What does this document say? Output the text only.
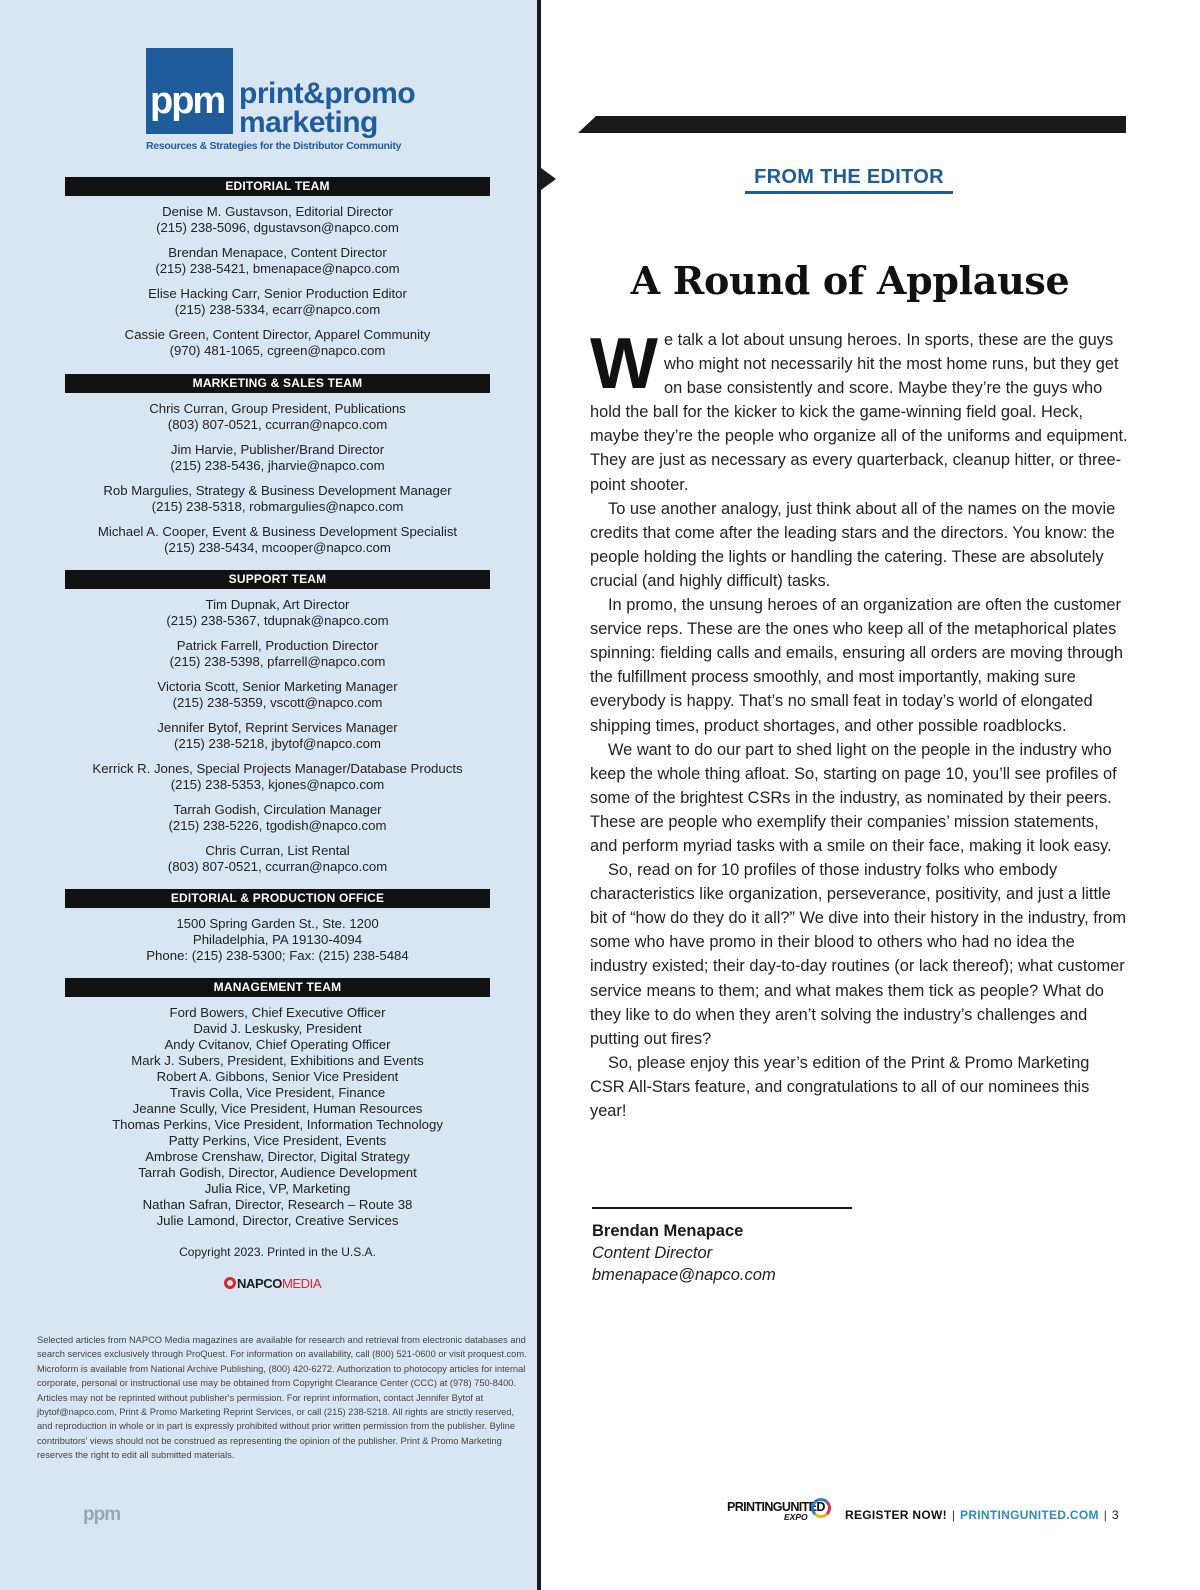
ppm print&promo
marketing
Resources & Strategies for the Distributor Community
EDITORIAL TEAM
Denise M. Gustavson, Editorial Director
(215) 238-5096, dgustavson@napco.com
Brendan Menapace, Content Director
(215) 238-5421, bmenapace@napco.com
Elise Hacking Carr, Senior Production Editor
(215) 238-5334, ecarr@napco.com
Cassie Green, Content Director, Apparel Community
(970) 481-1065, cgreen@napco.com
MARKETING & SALES TEAM
Chris Curran, Group President, Publications
(803) 807-0521, ccurran@napco.com
Jim Harvie, Publisher/Brand Director
(215) 238-5436, jharvie@napco.com
Rob Margulies, Strategy & Business Development Manager
(215) 238-5318, robmargulies@napco.com
Michael A. Cooper, Event & Business Development Specialist
(215) 238-5434, mcooper@napco.com
SUPPORT TEAM
Tim Dupnak, Art Director
(215) 238-5367, tdupnak@napco.com
Patrick Farrell, Production Director
(215) 238-5398, pfarrell@napco.com
Victoria Scott, Senior Marketing Manager
(215) 238-5359, vscott@napco.com
Jennifer Bytof, Reprint Services Manager
(215) 238-5218, jbytof@napco.com
Kerrick R. Jones, Special Projects Manager/Database Products
(215) 238-5353, kjones@napco.com
Tarrah Godish, Circulation Manager
(215) 238-5226, tgodish@napco.com
Chris Curran, List Rental
(803) 807-0521, ccurran@napco.com
EDITORIAL & PRODUCTION OFFICE
1500 Spring Garden St., Ste. 1200
Philadelphia, PA 19130-4094
Phone: (215) 238-5300; Fax: (215) 238-5484
MANAGEMENT TEAM
Ford Bowers, Chief Executive Officer
David J. Leskusky, President
Andy Cvitanov, Chief Operating Officer
Mark J. Subers, President, Exhibitions and Events
Robert A. Gibbons, Senior Vice President
Travis Colla, Vice President, Finance
Jeanne Scully, Vice President, Human Resources
Thomas Perkins, Vice President, Information Technology
Patty Perkins, Vice President, Events
Ambrose Crenshaw, Director, Digital Strategy
Tarrah Godish, Director, Audience Development
Julia Rice, VP, Marketing
Nathan Safran, Director, Research – Route 38
Julie Lamond, Director, Creative Services
Copyright 2023. Printed in the U.S.A.
NAPCOMEDIA
Selected articles from NAPCO Media magazines are available for research and retrieval from electronic databases and search services exclusively through ProQuest. For information on availability, call (800) 521-0600 or visit proquest.com. Microform is available from National Archive Publishing, (800) 420-6272. Authorization to photocopy articles for internal corporate, personal or instructional use may be obtained from Copyright Clearance Center (CCC) at (978) 750-8400. Articles may not be reprinted without publisher's permission. For reprint information, contact Jennifer Bytof at jbytof@napco.com, Print & Promo Marketing Reprint Services, or call (215) 238-5218. All rights are strictly reserved, and reproduction in whole or in part is expressly prohibited without prior written permission from the publisher. Byline contributors' views should not be construed as representing the opinion of the publisher. Print & Promo Marketing reserves the right to edit all submitted materials.
ppm
FROM THE EDITOR
A Round of Applause

We talk a lot about unsung heroes. In sports, these are the guys who might not necessarily hit the most home runs, but they get on base consistently and score. Maybe they’re the guys who hold the ball for the kicker to kick the game-winning field goal. Heck, maybe they’re the people who organize all of the uniforms and equipment. They are just as necessary as every quarterback, cleanup hitter, or three-point shooter.

To use another analogy, just think about all of the names on the movie credits that come after the leading stars and the directors. You know: the people holding the lights or handling the catering. These are absolutely crucial (and highly difficult) tasks.

In promo, the unsung heroes of an organization are often the customer service reps. These are the ones who keep all of the metaphorical plates spinning: fielding calls and emails, ensuring all orders are moving through the fulfillment process smoothly, and most importantly, making sure everybody is happy. That’s no small feat in today’s world of elongated shipping times, product shortages, and other possible roadblocks.

We want to do our part to shed light on the people in the industry who keep the whole thing afloat. So, starting on page 10, you’ll see profiles of some of the brightest CSRs in the industry, as nominated by their peers. These are people who exemplify their companies’ mission statements, and perform myriad tasks with a smile on their face, making it look easy.

So, read on for 10 profiles of those industry folks who embody characteristics like organization, perseverance, positivity, and just a little bit of “how do they do it all?” We dive into their history in the industry, from some who have promo in their blood to others who had no idea the industry existed; their day-to-day routines (or lack thereof); what customer service means to them; and what makes them tick as people? What do they like to do when they aren’t solving the industry’s challenges and putting out fires?

So, please enjoy this year’s edition of the Print & Promo Marketing CSR All-Stars feature, and congratulations to all of our nominees this year!

Brendan Menapace
Content Director
bmenapace@napco.com
PRINTINGUNITED
EXPO	REGISTER NOW! | PRINTINGUNITED.COM | 3
